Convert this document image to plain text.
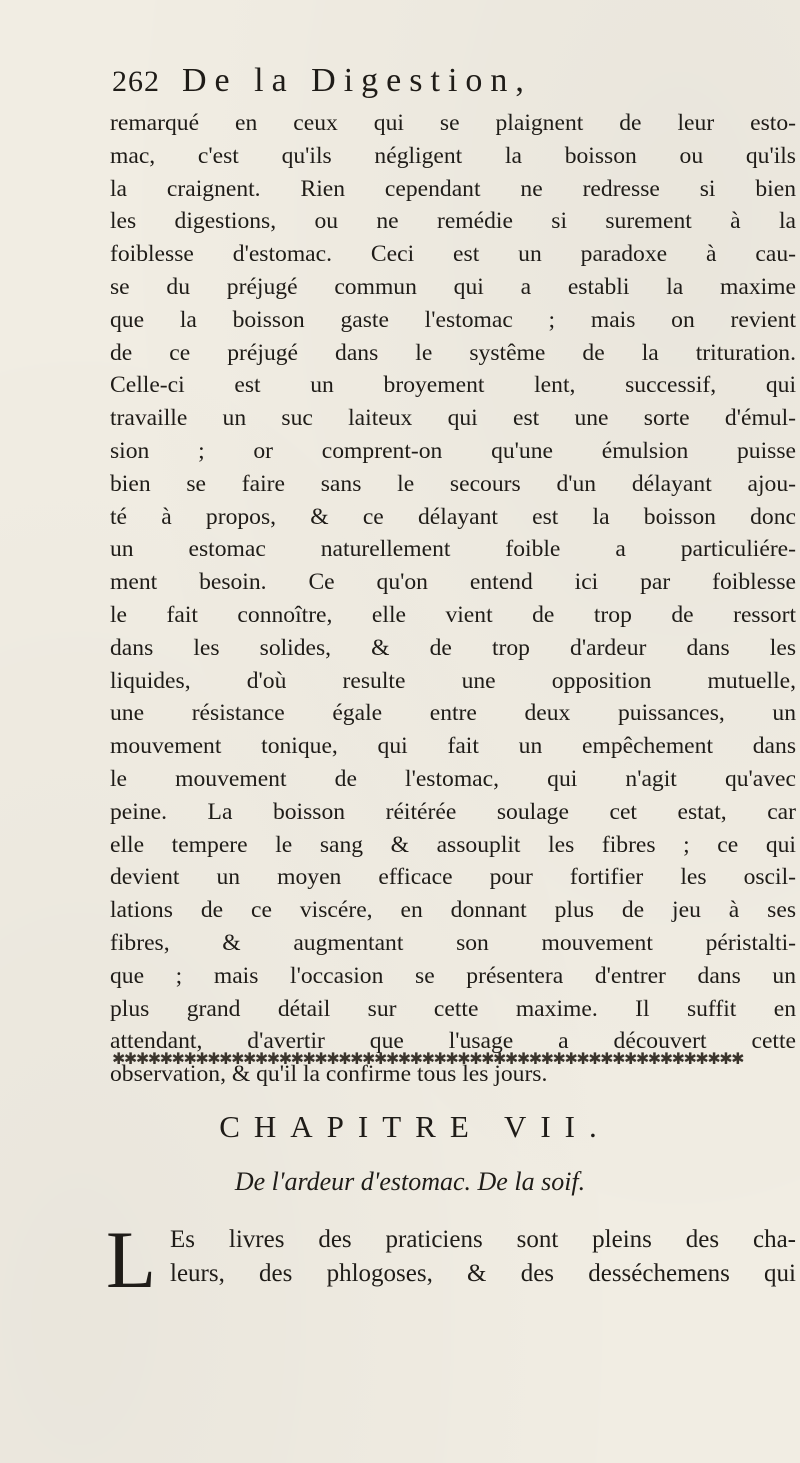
262 De la Digestion,
remarqué en ceux qui se plaignent de leur esto-
mac, c'est qu'ils négligent la boisson ou qu'ils
la craignent. Rien cependant ne redresse si bien
les digestions, ou ne remédie si surement à la
foiblesse d'estomac. Ceci est un paradoxe à cau-
se du préjugé commun qui a establi la maxime
que la boisson gaste l'estomac ; mais on revient
de ce préjugé dans le systême de la trituration.
Celle-ci est un broyement lent, successif, qui
travaille un suc laiteux qui est une sorte d'émul-
sion ; or comprent-on qu'une émulsion puisse
bien se faire sans le secours d'un délayant ajou-
té à propos, & ce délayant est la boisson donc
un estomac naturellement foible a particuliére-
ment besoin. Ce qu'on entend ici par foiblesse
le fait connoître, elle vient de trop de ressort
dans les solides, & de trop d'ardeur dans les
liquides, d'où resulte une opposition mutuelle,
une résistance égale entre deux puissances, un
mouvement tonique, qui fait un empêchement dans
le mouvement de l'estomac, qui n'agit qu'avec
peine. La boisson réitérée soulage cet estat, car
elle tempere le sang & assouplit les fibres ; ce qui
devient un moyen efficace pour fortifier les oscil-
lations de ce viscére, en donnant plus de jeu à ses
fibres, & augmentant son mouvement péristalti-
que ; mais l'occasion se présentera d'entrer dans un
plus grand détail sur cette maxime. Il suffit en
attendant, d'avertir que l'usage a découvert cette
observation, & qu'il la confirme tous les jours.
✱✱✱✱✱✱✱✱✱✱✱✱✱✱✱✱✱✱✱✱✱✱✱✱✱✱✱✱✱✱✱✱✱✱✱✱✱✱✱✱✱✱✱✱✱✱✱✱✱✱✱✱✱
CHAPITRE VII.
De l'ardeur d'estomac. De la soif.
L Es livres des praticiens sont pleins des cha-
leurs, des phlogoses, & des desséchemens qui
